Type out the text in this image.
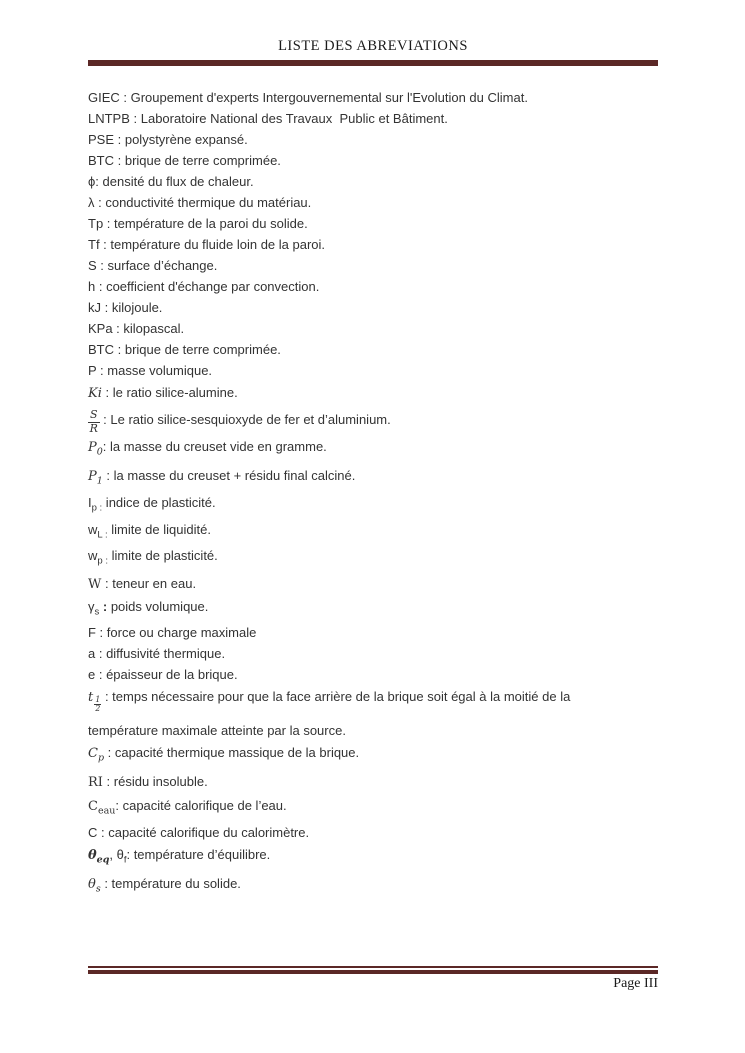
LISTE DES ABREVIATIONS
GIEC : Groupement d'experts Intergouvernemental sur l'Evolution du Climat.
LNTPB : Laboratoire National des Travaux  Public et Bâtiment.
PSE : polystyrène expansé.
BTC : brique de terre comprimée.
ϕ: densité du flux de chaleur.
λ : conductivité thermique du matériau.
Tp : température de la paroi du solide.
Tf : température du fluide loin de la paroi.
S : surface d’échange.
h : coefficient d'échange par convection.
kJ : kilojoule.
KPa : kilopascal.
BTC : brique de terre comprimée.
P : masse volumique.
Ki : le ratio silice-alumine.
$\frac{S}{R}$ : Le ratio silice-sesquioxyde de fer et d’aluminium.
$P_0$: la masse du creuset vide en gramme.
$P_1$ : la masse du creuset + résidu final calciné.
$I_{p :}$ indice de plasticité.
$w_{L :}$ limite de liquidité.
$w_{p :}$ limite de plasticité.
W : teneur en eau.
$\gamma_s$ : poids volumique.
F : force ou charge maximale
a : diffusivité thermique.
e : épaisseur de la brique.
t $\frac{1}{2}$ : temps nécessaire pour que la face arrière de la brique soit égal à la moitié de la
température maximale atteinte par la source.
$C_p$ : capacité thermique massique de la brique.
RI : résidu insoluble.
$C_{eau}$: capacité calorifique de l’eau.
C : capacité calorifique du calorimètre.
$\theta_{eq}$, $\theta_f$: température d’équilibre.
$\theta_s$ : température du solide.
Page III
